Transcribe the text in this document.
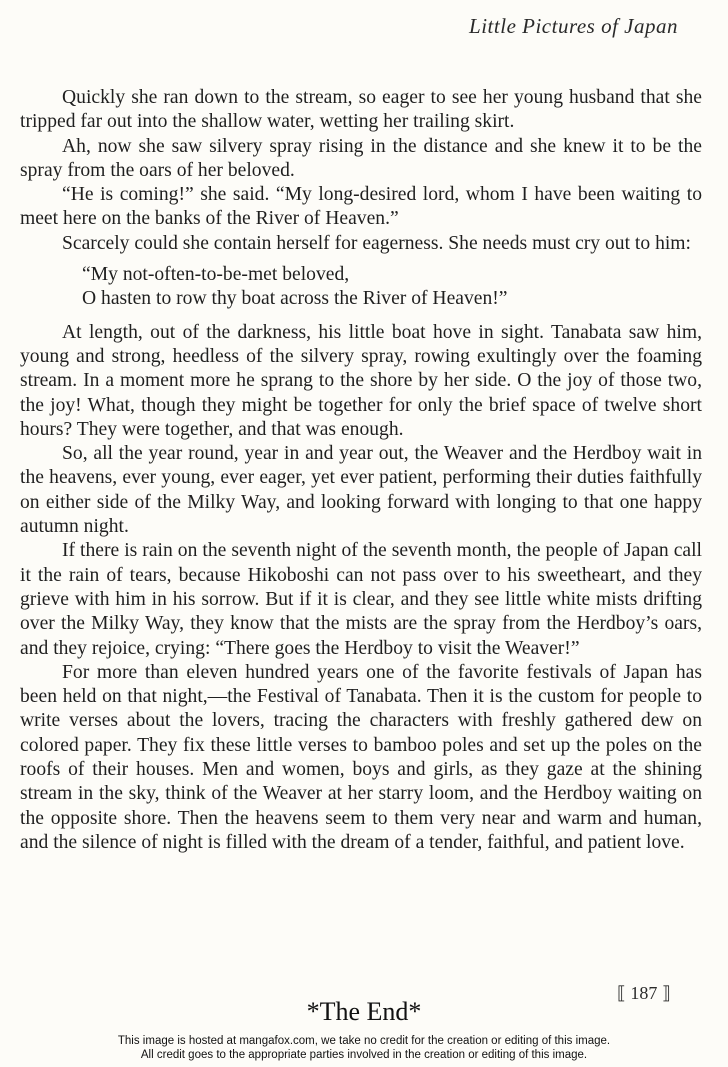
Little Pictures of Japan

Quickly she ran down to the stream, so eager to see her young husband that she tripped far out into the shallow water, wetting her trailing skirt.

Ah, now she saw silvery spray rising in the distance and she knew it to be the spray from the oars of her beloved.

“He is coming!” she said. “My long-desired lord, whom I have been waiting to meet here on the banks of the River of Heaven.”

Scarcely could she contain herself for eagerness. She needs must cry out to him:

“My not-often-to-be-met beloved,
O hasten to row thy boat across the River of Heaven!”

At length, out of the darkness, his little boat hove in sight. Tanabata saw him, young and strong, heedless of the silvery spray, rowing exultingly over the foaming stream. In a moment more he sprang to the shore by her side. O the joy of those two, the joy! What, though they might be together for only the brief space of twelve short hours? They were together, and that was enough.

So, all the year round, year in and year out, the Weaver and the Herdboy wait in the heavens, ever young, ever eager, yet ever patient, performing their duties faithfully on either side of the Milky Way, and looking forward with longing to that one happy autumn night.

If there is rain on the seventh night of the seventh month, the people of Japan call it the rain of tears, because Hikoboshi can not pass over to his sweetheart, and they grieve with him in his sorrow. But if it is clear, and they see little white mists drifting over the Milky Way, they know that the mists are the spray from the Herdboy’s oars, and they rejoice, crying: “There goes the Herdboy to visit the Weaver!”

For more than eleven hundred years one of the favorite festivals of Japan has been held on that night,—the Festival of Tanabata. Then it is the custom for people to write verses about the lovers, tracing the characters with freshly gathered dew on colored paper. They fix these little verses to bamboo poles and set up the poles on the roofs of their houses. Men and women, boys and girls, as they gaze at the shining stream in the sky, think of the Weaver at her starry loom, and the Herdboy waiting on the opposite shore. Then the heavens seem to them very near and warm and human, and the silence of night is filled with the dream of a tender, faithful, and patient love.

⟦ 187 ⟧
*The End*
This image is hosted at mangafox.com, we take no credit for the creation or editing of this image.
All credit goes to the appropriate parties involved in the creation or editing of this image.
